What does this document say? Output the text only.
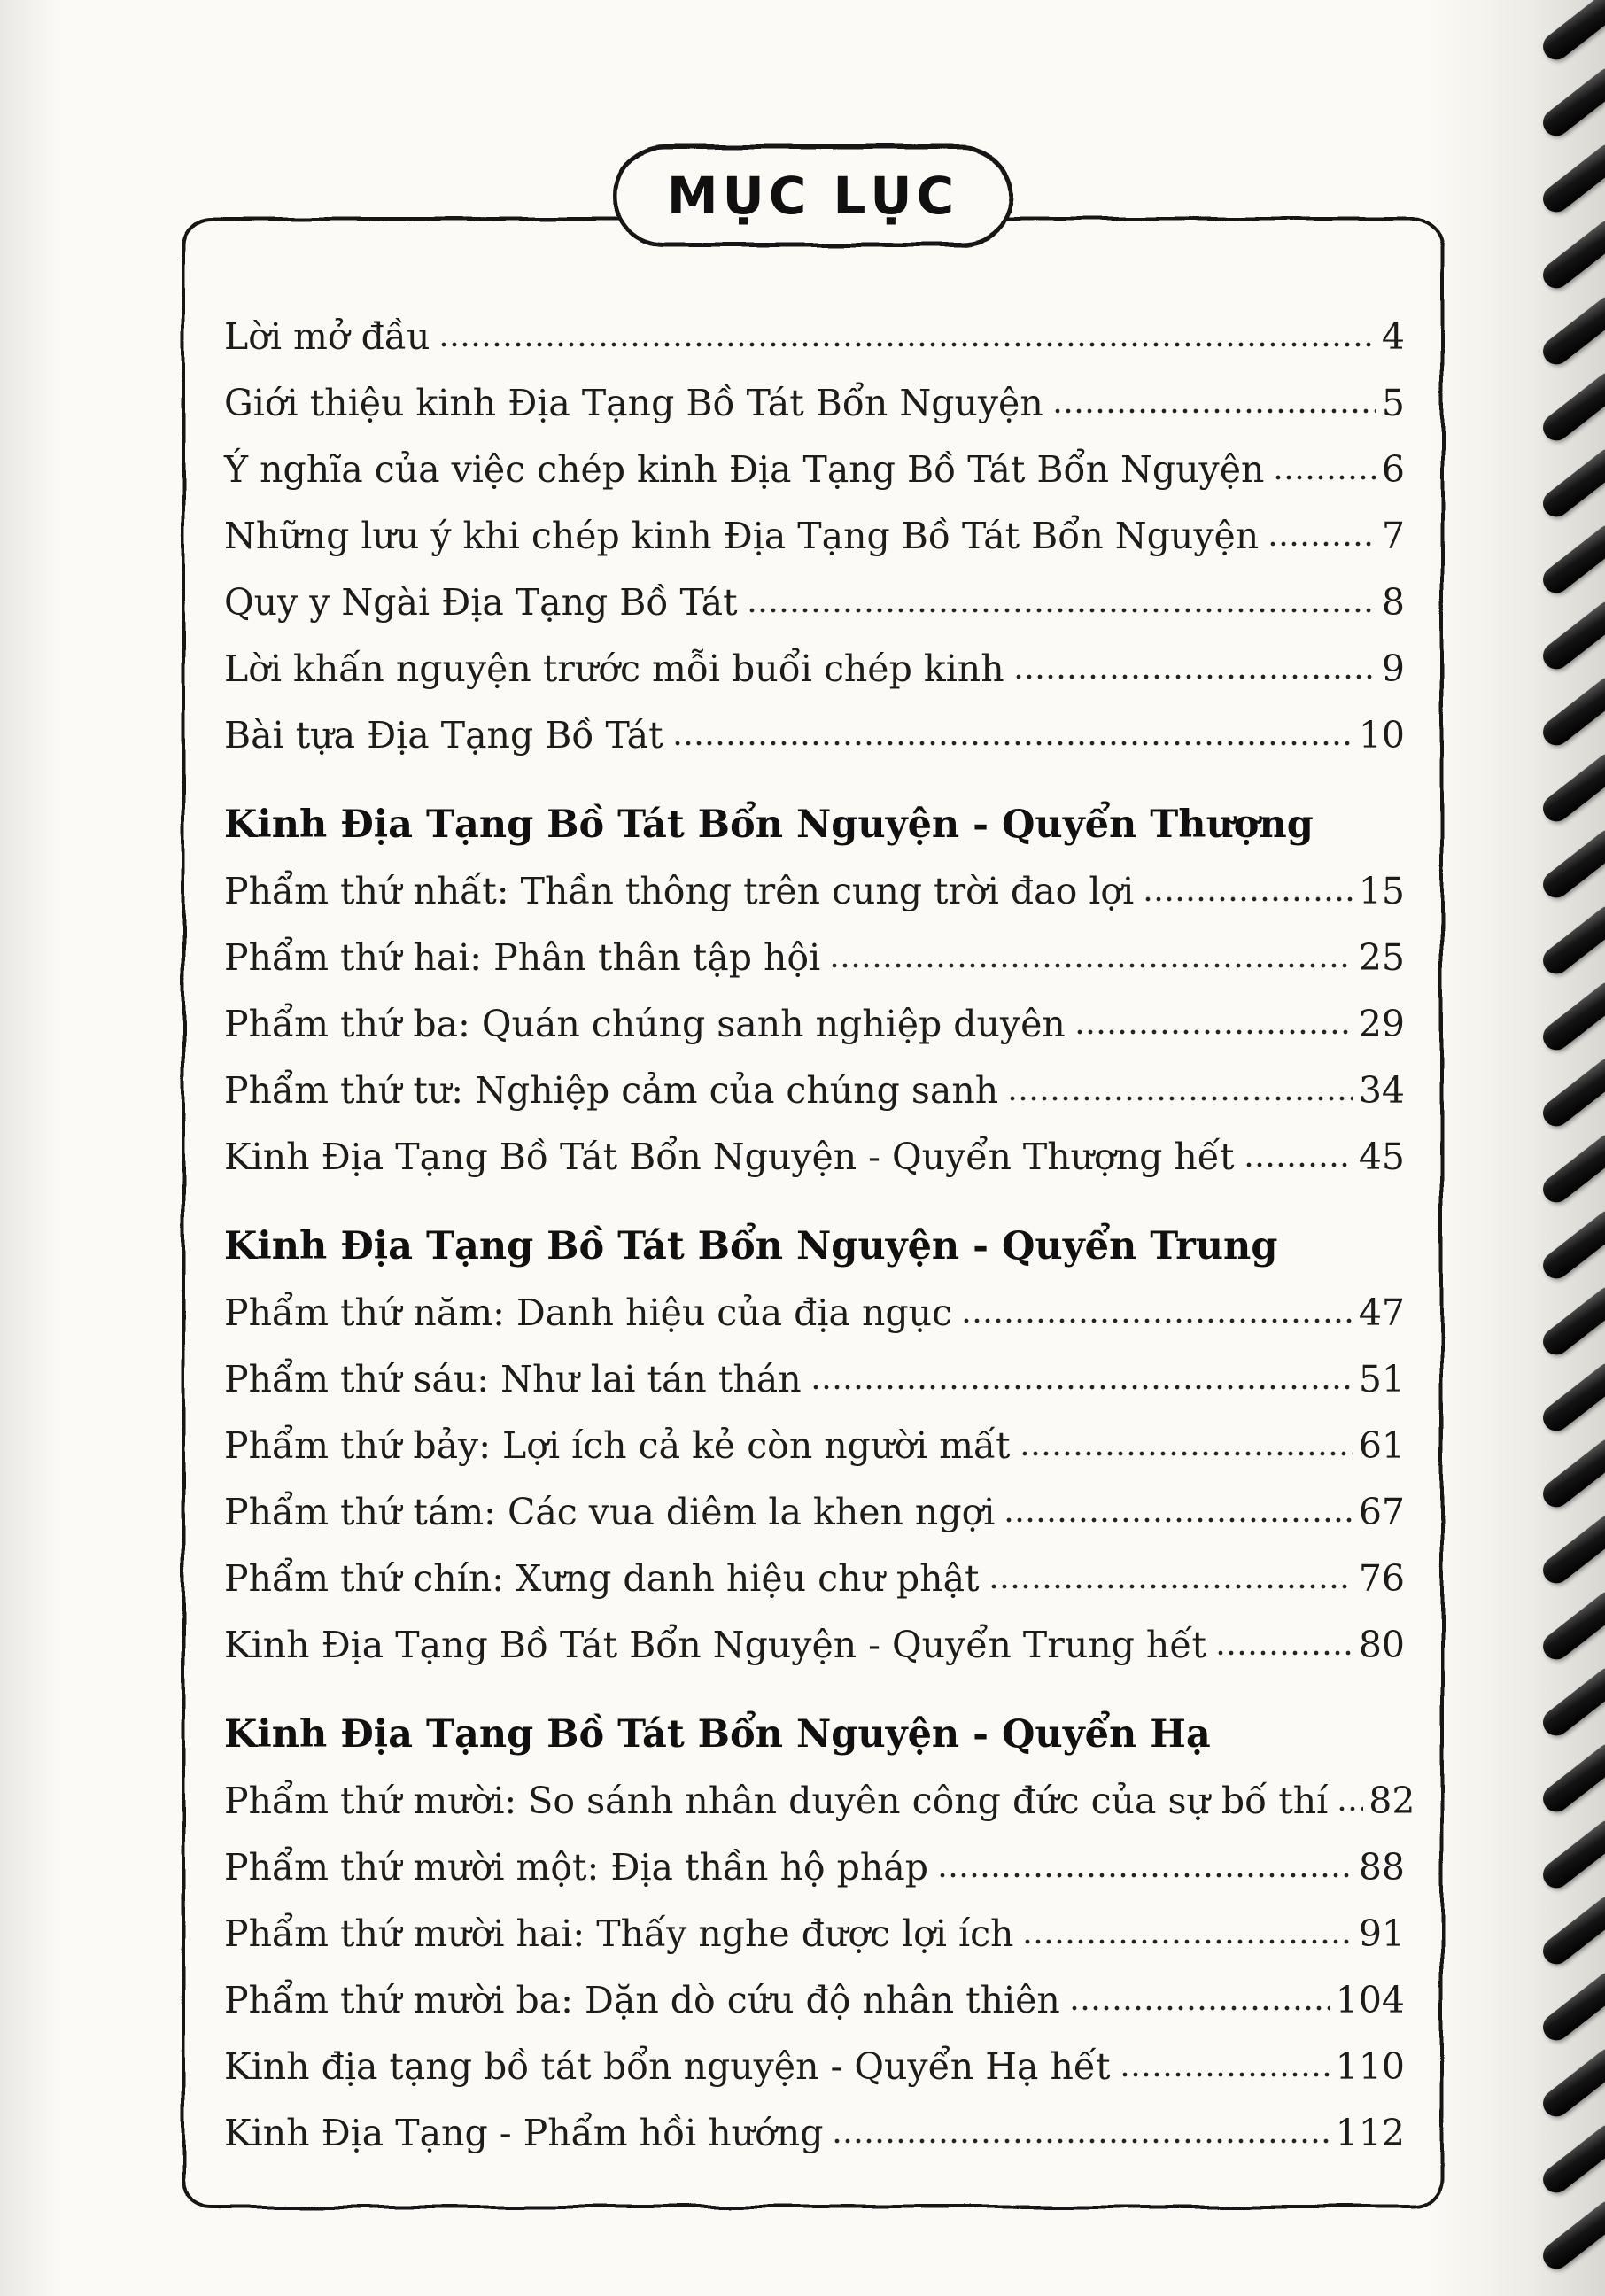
Lời mở đầu	4
Giới thiệu kinh Địa Tạng Bồ Tát Bổn Nguyện	5
Ý nghĩa của việc chép kinh Địa Tạng Bồ Tát Bổn Nguyện	6
Những lưu ý khi chép kinh Địa Tạng Bồ Tát Bổn Nguyện	7
Quy y Ngài Địa Tạng Bồ Tát	8
Lời khấn nguyện trước mỗi buổi chép kinh	9
Bài tựa Địa Tạng Bồ Tát	10
Kinh Địa Tạng Bồ Tát Bổn Nguyện - Quyển Thượng
Phẩm thứ nhất: Thần thông trên cung trời đao lợi	15
Phẩm thứ hai: Phân thân tập hội	25
Phẩm thứ ba: Quán chúng sanh nghiệp duyên	29
Phẩm thứ tư: Nghiệp cảm của chúng sanh	34
Kinh Địa Tạng Bồ Tát Bổn Nguyện - Quyển Thượng hết	45
Kinh Địa Tạng Bồ Tát Bổn Nguyện - Quyển Trung
Phẩm thứ năm: Danh hiệu của địa ngục	47
Phẩm thứ sáu: Như lai tán thán	51
Phẩm thứ bảy: Lợi ích cả kẻ còn người mất	61
Phẩm thứ tám: Các vua diêm la khen ngợi	67
Phẩm thứ chín: Xưng danh hiệu chư phật	76
Kinh Địa Tạng Bồ Tát Bổn Nguyện - Quyển Trung hết	80
Kinh Địa Tạng Bồ Tát Bổn Nguyện - Quyển Hạ
Phẩm thứ mười: So sánh nhân duyên công đức của sự bố thí 82
Phẩm thứ mười một: Địa thần hộ pháp	88
Phẩm thứ mười hai: Thấy nghe được lợi ích	91
Phẩm thứ mười ba: Dặn dò cứu độ nhân thiên	104
Kinh địa tạng bồ tát bổn nguyện - Quyển Hạ hết	110
Kinh Địa Tạng - Phẩm hồi hướng	112
MỤC LỤC
